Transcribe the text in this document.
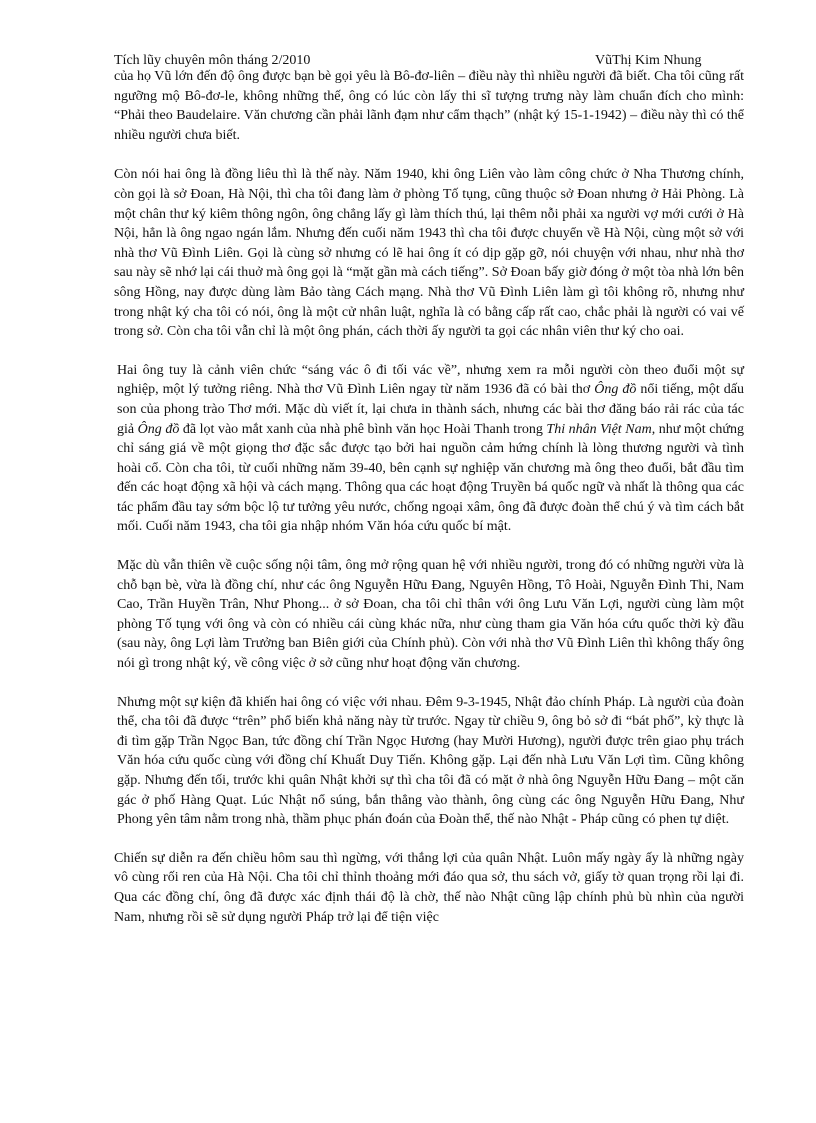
Tích lũy chuyên môn tháng 2/2010	VũThị Kim Nhung

của họ Vũ lớn đến độ ông được bạn bè gọi yêu là Bô-đơ-liên – điều này thì nhiều người đã biết. Cha tôi cũng rất ngưỡng mộ Bô-đơ-le, không những thế, ông có lúc còn lấy thi sĩ tượng trưng này làm chuẩn đích cho mình: “Phải theo Baudelaire. Văn chương cần phải lãnh đạm như cẩm thạch” (nhật ký 15-1-1942) – điều này thì có thể nhiều người chưa biết.

Còn nói hai ông là đồng liêu thì là thế này. Năm 1940, khi ông Liên vào làm công chức ở Nha Thương chính, còn gọi là sở Đoan, Hà Nội, thì cha tôi đang làm ở phòng Tố tụng, cũng thuộc sở Đoan nhưng ở Hải Phòng. Là một chân thư ký kiêm thông ngôn, ông chẳng lấy gì làm thích thú, lại thêm nỗi phải xa người vợ mới cưới ở Hà Nội, hẳn là ông ngao ngán lắm. Nhưng đến cuối năm 1943 thì cha tôi được chuyển về Hà Nội, cùng một sở với nhà thơ Vũ Đình Liên. Gọi là cùng sở nhưng có lẽ hai ông ít có dịp gặp gỡ, nói chuyện với nhau, như nhà thơ sau này sẽ nhớ lại cái thuở mà ông gọi là “mặt gần mà cách tiếng”. Sở Đoan bấy giờ đóng ở một tòa nhà lớn bên sông Hồng, nay được dùng làm Bảo tàng Cách mạng. Nhà thơ Vũ Đình Liên làm gì tôi không rõ, nhưng như trong nhật ký cha tôi có nói, ông là một cử nhân luật, nghĩa là có bằng cấp rất cao, chắc phải là người có vai vế trong sở. Còn cha tôi vẫn chỉ là một ông phán, cách thời ấy người ta gọi các nhân viên thư ký cho oai.

Hai ông tuy là cảnh viên chức “sáng vác ô đi tối vác về”, nhưng xem ra mỗi người còn theo đuổi một sự nghiệp, một lý tưởng riêng. Nhà thơ Vũ Đình Liên ngay từ năm 1936 đã có bài thơ Ông đồ nổi tiếng, một dấu son của phong trào Thơ mới. Mặc dù viết ít, lại chưa in thành sách, nhưng các bài thơ đăng báo rải rác của tác giả Ông đồ đã lọt vào mắt xanh của nhà phê bình văn học Hoài Thanh trong Thi nhân Việt Nam, như một chứng chỉ sáng giá về một giọng thơ đặc sắc được tạo bởi hai nguồn cảm hứng chính là lòng thương người và tình hoài cổ. Còn cha tôi, từ cuối những năm 39-40, bên cạnh sự nghiệp văn chương mà ông theo đuổi, bắt đầu tìm đến các hoạt động xã hội và cách mạng. Thông qua các hoạt động Truyền bá quốc ngữ và nhất là thông qua các tác phẩm đầu tay sớm bộc lộ tư tưởng yêu nước, chống ngoại xâm, ông đã được đoàn thể chú ý và tìm cách bắt mối. Cuối năm 1943, cha tôi gia nhập nhóm Văn hóa cứu quốc bí mật.

Mặc dù vẫn thiên về cuộc sống nội tâm, ông mở rộng quan hệ với nhiều người, trong đó có những người vừa là chỗ bạn bè, vừa là đồng chí, như các ông Nguyễn Hữu Đang, Nguyên Hồng, Tô Hoài, Nguyễn Đình Thi, Nam Cao, Trần Huyền Trân, Như Phong... ở sở Đoan, cha tôi chỉ thân với ông Lưu Văn Lợi, người cùng làm một phòng Tố tụng với ông và còn có nhiều cái cùng khác nữa, như cùng tham gia Văn hóa cứu quốc thời kỳ đầu (sau này, ông Lợi làm Trưởng ban Biên giới của Chính phủ). Còn với nhà thơ Vũ Đình Liên thì không thấy ông nói gì trong nhật ký, về công việc ở sở cũng như hoạt động văn chương.

Nhưng một sự kiện đã khiến hai ông có việc với nhau. Đêm 9-3-1945, Nhật đảo chính Pháp. Là người của đoàn thể, cha tôi đã được “trên” phổ biến khả năng này từ trước. Ngay từ chiều 9, ông bỏ sở đi “bát phố”, kỳ thực là đi tìm gặp Trần Ngọc Ban, tức đồng chí Trần Ngọc Hương (hay Mười Hương), người được trên giao phụ trách Văn hóa cứu quốc cùng với đồng chí Khuất Duy Tiến. Không gặp. Lại đến nhà Lưu Văn Lợi tìm. Cũng không gặp. Nhưng đến tối, trước khi quân Nhật khởi sự thì cha tôi đã có mặt ở nhà ông Nguyễn Hữu Đang – một căn gác ở phố Hàng Quạt. Lúc Nhật nổ súng, bắn thẳng vào thành, ông cùng các ông Nguyễn Hữu Đang, Như Phong yên tâm nằm trong nhà, thầm phục phán đoán của Đoàn thể, thế nào Nhật - Pháp cũng có phen tự diệt.

Chiến sự diễn ra đến chiều hôm sau thì ngừng, với thắng lợi của quân Nhật. Luôn mấy ngày ấy là những ngày vô cùng rối ren của Hà Nội. Cha tôi chỉ thỉnh thoảng mới đáo qua sở, thu sách vở, giấy tờ quan trọng rồi lại đi. Qua các đồng chí, ông đã được xác định thái độ là chờ, thế nào Nhật cũng lập chính phủ bù nhìn của người Nam, nhưng rồi sẽ sử dụng người Pháp trở lại để tiện việc
